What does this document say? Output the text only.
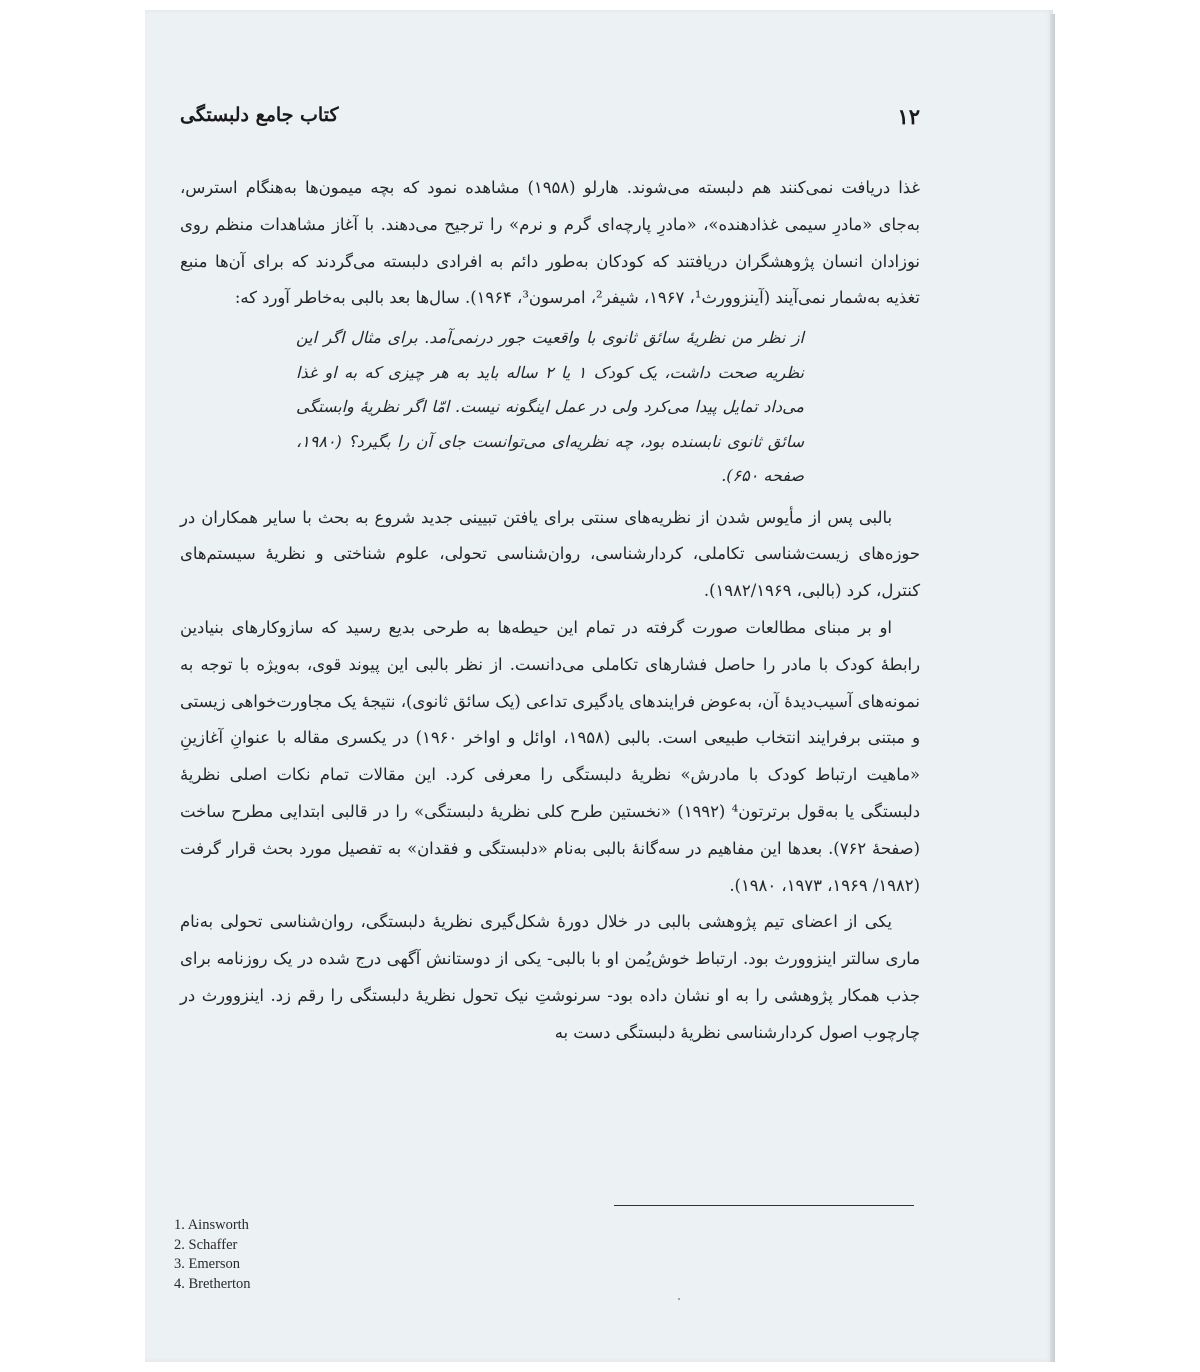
۱۲
کتاب جامع دلبستگی

غذا دریافت نمی‌کنند هم دلبسته می‌شوند. هارلو (۱۹۵۸) مشاهده نمود که بچه میمون‌ها به‌هنگام استرس، به‌جای «مادرِ سیمی غذادهنده»، «مادرِ پارچه‌ای گرم و نرم» را ترجیح می‌دهند. با آغاز مشاهدات منظم روی نوزادان انسان پژوهشگران دریافتند که کودکان به‌طور دائم به افرادی دلبسته می‌گردند که برای آن‌ها منبع تغذیه به‌شمار نمی‌آیند (آینزوورث¹، ۱۹۶۷، شیفر²، امرسون³، ۱۹۶۴). سال‌ها بعد بالبی به‌خاطر آورد که:

از نظر من نظریهٔ سائق ثانوی با واقعیت جور درنمی‌آمد. برای مثال اگر این نظریه صحت داشت، یک کودک ۱ یا ۲ ساله باید به هر چیزی که به او غذا می‌داد تمایل پیدا می‌کرد ولی در عمل اینگونه نیست. امّا اگر نظریهٔ وابستگی سائق ثانوی نابسنده بود، چه نظریه‌ای می‌توانست جای آن را بگیرد؟ (۱۹۸۰، صفحه ۶۵۰).

بالبی پس از مأیوس شدن از نظریه‌های سنتی برای یافتن تبیینی جدید شروع به بحث با سایر همکاران در حوزه‌های زیست‌شناسی تکاملی، کردارشناسی، روان‌شناسی تحولی، علوم شناختی و نظریهٔ سیستم‌های کنترل، کرد (بالبی، ۱۹۸۲/۱۹۶۹).

او بر مبنای مطالعات صورت گرفته در تمام این حیطه‌ها به طرحی بدیع رسید که سازوکارهای بنیادین رابطهٔ کودک با مادر را حاصل فشارهای تکاملی می‌دانست. از نظر بالبی این پیوند قوی، به‌ویژه با توجه به نمونه‌های آسیب‌دیدهٔ آن، به‌عوض فرایندهای یادگیری تداعی (یک سائق ثانوی)، نتیجهٔ یک مجاورت‌خواهی زیستی و مبتنی برفرایند انتخاب طبیعی است. بالبی (۱۹۵۸، اوائل و اواخر ۱۹۶۰) در یکسری مقاله با عنوانِ آغازینِ «ماهیت ارتباط کودک با مادرش» نظریهٔ دلبستگی را معرفی کرد. این مقالات تمام نکات اصلی نظریهٔ دلبستگی یا به‌قول برترتون⁴ (۱۹۹۲) «نخستین طرح کلی نظریهٔ دلبستگی» را در قالبی ابتدایی مطرح ساخت (صفحهٔ ۷۶۲). بعدها این مفاهیم در سه‌گانهٔ بالبی به‌نام «دلبستگی و فقدان» به تفصیل مورد بحث قرار گرفت (۱۹۸۲/ ۱۹۶۹، ۱۹۷۳، ۱۹۸۰).

یکی از اعضای تیم پژوهشی بالبی در خلال دورهٔ شکل‌گیری نظریهٔ دلبستگی، روان‌شناسی تحولی به‌نام ماری سالتر اینزوورث بود. ارتباط خوش‌یُمن او با بالبی- یکی از دوستانش آگهی درج شده در یک روزنامه برای جذب همکار پژوهشی را به او نشان داده بود- سرنوشتِ نیک تحول نظریهٔ دلبستگی را رقم زد. اینزوورث در چارچوب اصول کردارشناسی نظریهٔ دلبستگی دست به

1 . Ainsworth
2 . Schaffer
3 . Emerson
4 . Bretherton
